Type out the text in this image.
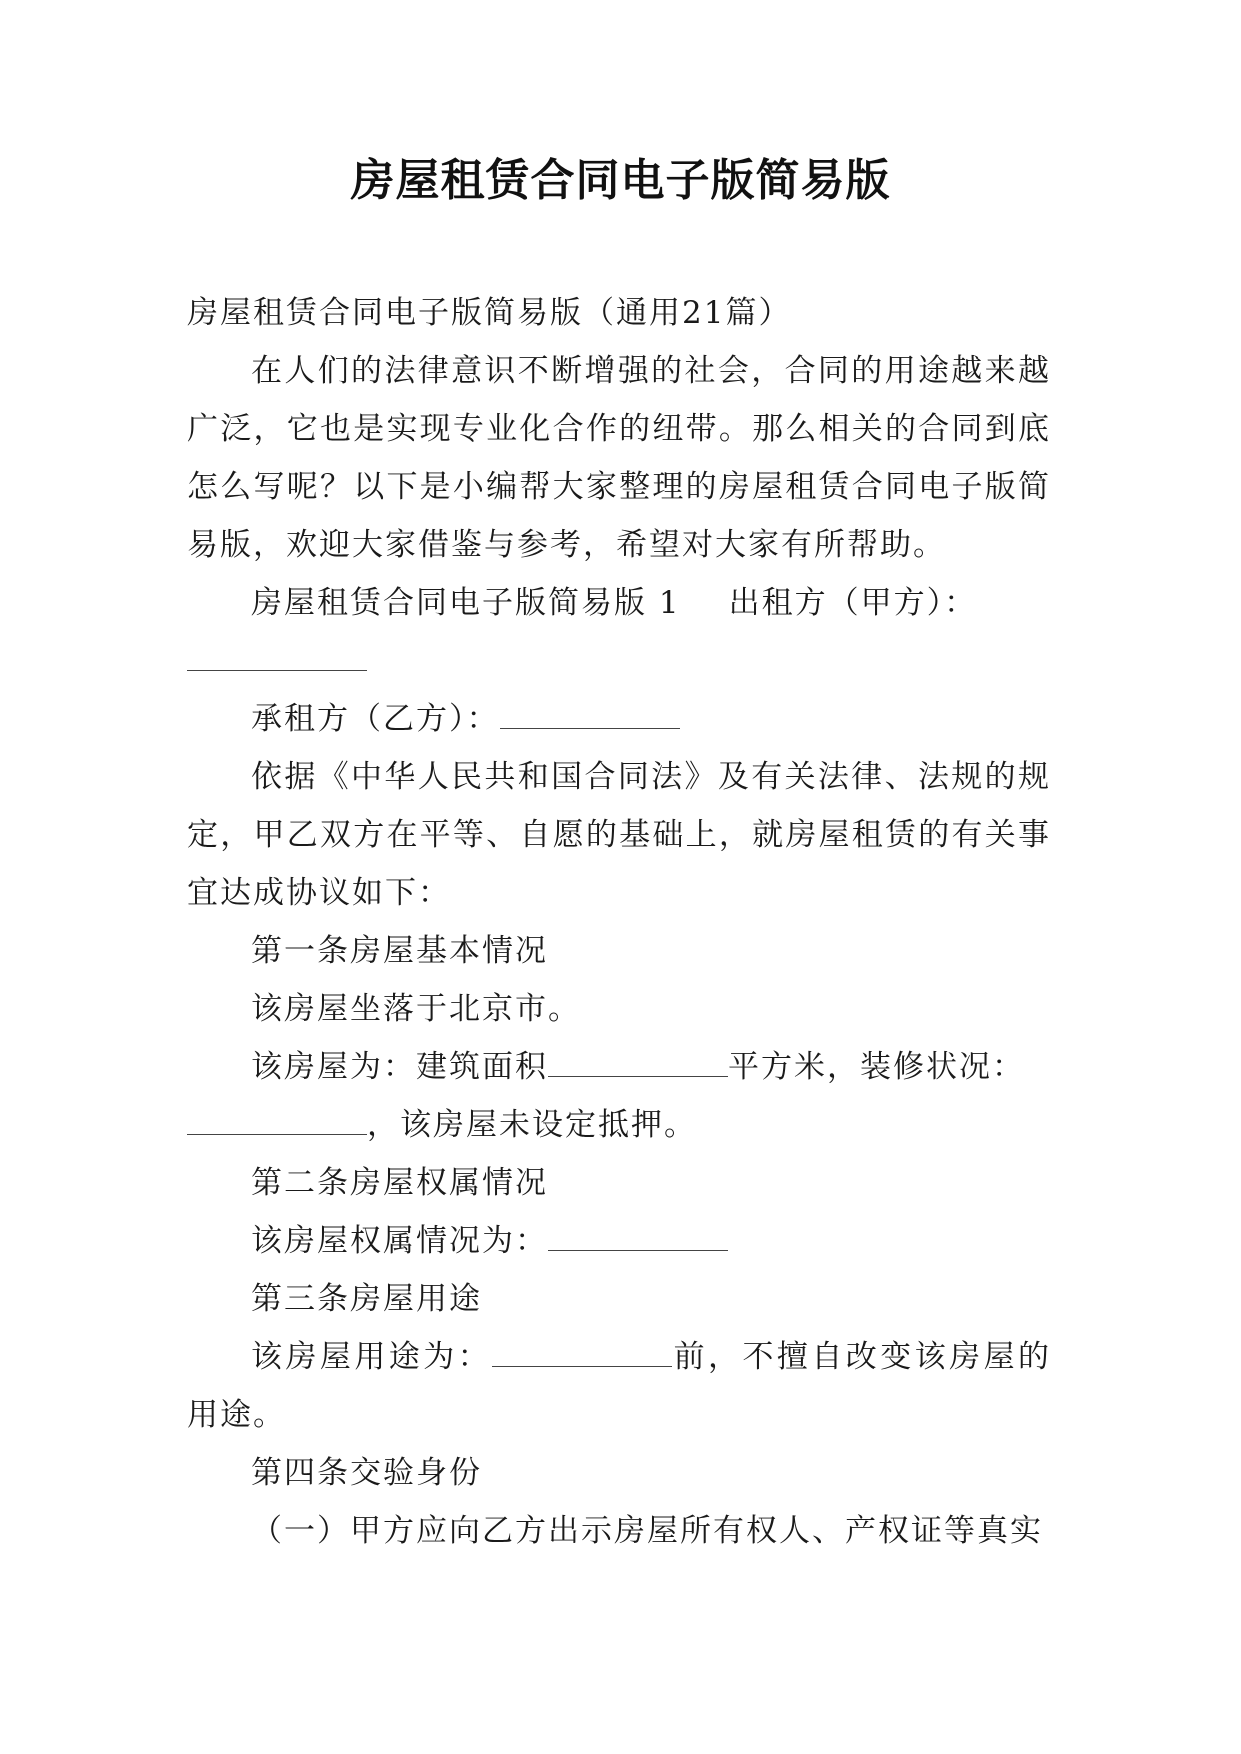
房屋租赁合同电子版简易版

房屋租赁合同电子版简易版（通用21篇）

在人们的法律意识不断增强的社会，合同的用途越来越广泛，它也是实现专业化合作的纽带。那么相关的合同到底怎么写呢？以下是小编帮大家整理的房屋租赁合同电子版简易版，欢迎大家借鉴与参考，希望对大家有所帮助。

房屋租赁合同电子版简易版 1 出租方（甲方）：

承租方（乙方）：

依据《中华人民共和国合同法》及有关法律、法规的规定，甲乙双方在平等、自愿的基础上，就房屋租赁的有关事宜达成协议如下：

第一条房屋基本情况

该房屋坐落于北京市。

该房屋为：建筑面积	平方米，装修状况：

，该房屋未设定抵押。

第二条房屋权属情况

该房屋权属情况为：

第三条房屋用途

该房屋用途为：	前，不擅自改变该房屋的用途。

第四条交验身份

（一）甲方应向乙方出示房屋所有权人、产权证等真实
